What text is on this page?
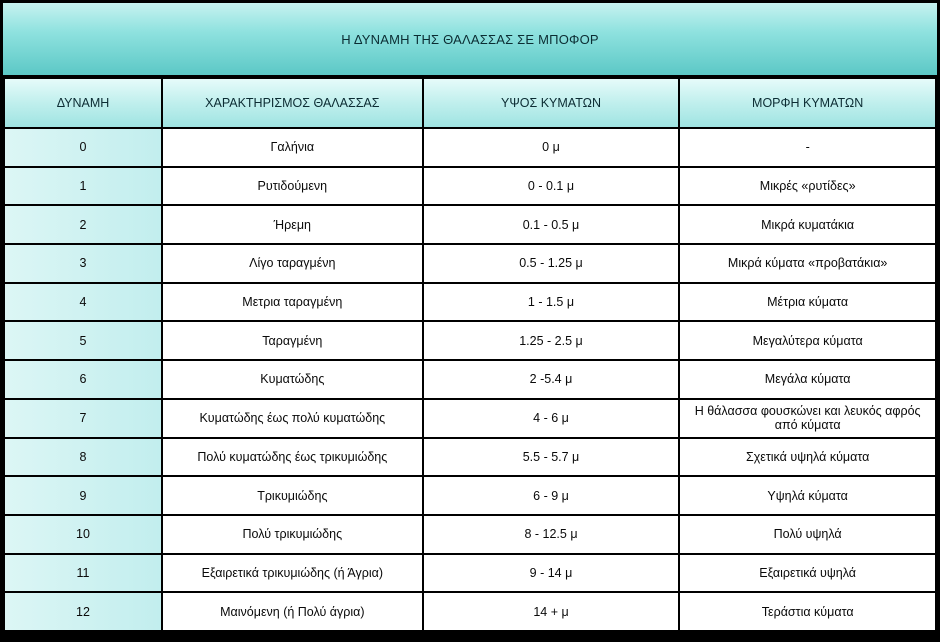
Η ΔΥΝΑΜΗ ΤΗΣ ΘΑΛΑΣΣΑΣ ΣΕ ΜΠΟΦΟΡ
ΔΥΝΑΜΗ	ΧΑΡΑΚΤΗΡΙΣΜΟΣ ΘΑΛΑΣΣΑΣ	ΥΨΟΣ ΚΥΜΑΤΩΝ	ΜΟΡΦΗ ΚΥΜΑΤΩΝ
0	Γαλήνια	0 μ	-
1	Ρυτιδούμενη	0 - 0.1 μ	Μικρές «ρυτίδες»
2	Ήρεμη	0.1 - 0.5 μ	Μικρά κυματάκια
3	Λίγο ταραγμένη	0.5 - 1.25 μ	Μικρά κύματα «προβατάκια»
4	Μετρια ταραγμένη	1 - 1.5 μ	Μέτρια κύματα
5	Ταραγμένη	1.25 - 2.5 μ	Μεγαλύτερα κύματα
6	Κυματώδης	2 -5.4 μ	Μεγάλα κύματα
7	Κυματώδης έως πολύ κυματώδης	4 - 6 μ	Η θάλασσα φουσκώνει και λευκός αφρός από κύματα
8	Πολύ κυματώδης έως τρικυμιώδης	5.5 - 5.7 μ	Σχετικά υψηλά κύματα
9	Τρικυμιώδης	6 - 9 μ	Υψηλά κύματα
10	Πολύ τρικυμιώδης	8 - 12.5 μ	Πολύ υψηλά
11	Εξαιρετικά τρικυμιώδης (ή Άγρια)	9 - 14 μ	Εξαιρετικά υψηλά
12	Μαινόμενη (ή Πολύ άγρια)	14 + μ	Τεράστια κύματα
